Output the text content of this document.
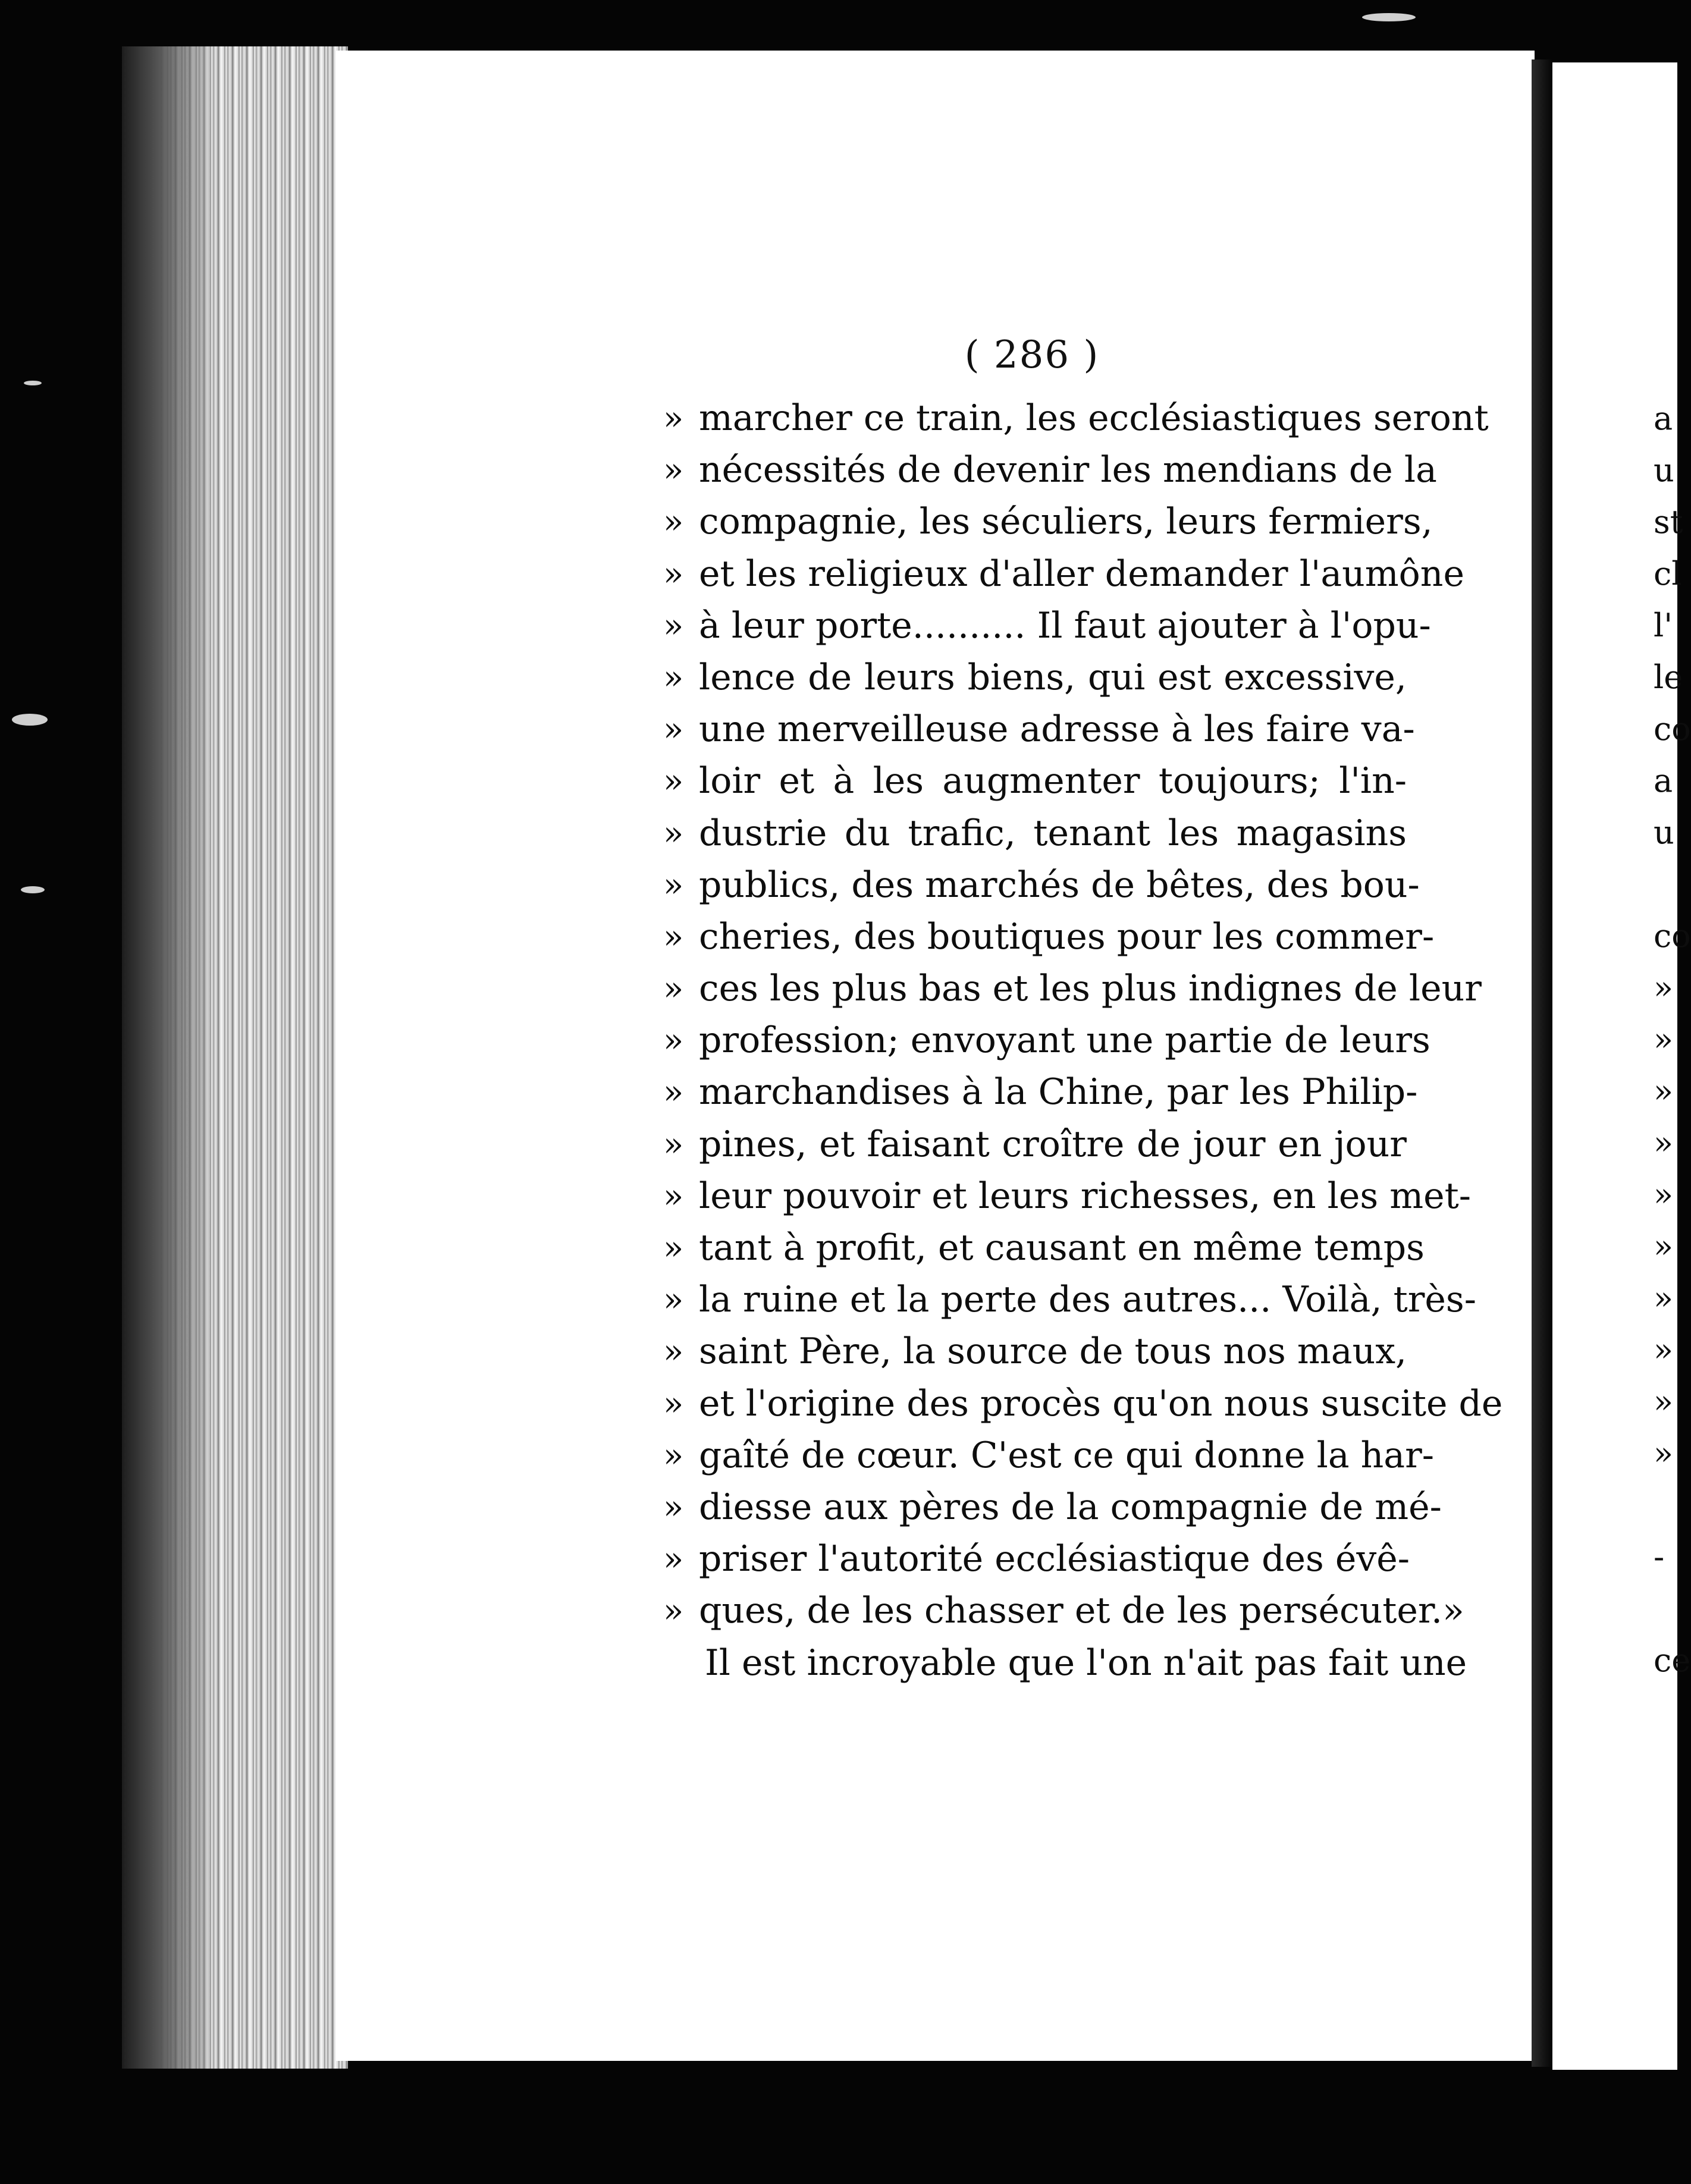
( 286 )
» marcher ce train, les ecclésiastiques seront
» nécessités de devenir les mendians de la
» compagnie, les séculiers, leurs fermiers,
» et les religieux d'aller demander l'aumône
» à leur porte.......... Il faut ajouter à l'opu-
» lence de leurs biens, qui est excessive,
» une merveilleuse adresse à les faire va-
» loir et à les augmenter toujours; l'in-
» dustrie du trafic, tenant les magasins
» publics, des marchés de bêtes, des bou-
» cheries, des boutiques pour les commer-
» ces les plus bas et les plus indignes de leur
» profession; envoyant une partie de leurs
» marchandises à la Chine, par les Philip-
» pines, et faisant croître de jour en jour
» leur pouvoir et leurs richesses, en les met-
» tant à profit, et causant en même temps
» la ruine et la perte des autres... Voilà, très-
» saint Père, la source de tous nos maux,
» et l'origine des procès qu'on nous suscite de
» gaîté de cœur. C'est ce qui donne la har-
» diesse aux pères de la compagnie de mé-
» priser l'autorité ecclésiastique des évê-
» ques, de les chasser et de les persécuter.»
Il est incroyable que l'on n'ait pas fait une
a
u
st
cl
l'
le
co
a
u
co
»
»
»
»
»
»
»
»
»
»
-
ce
